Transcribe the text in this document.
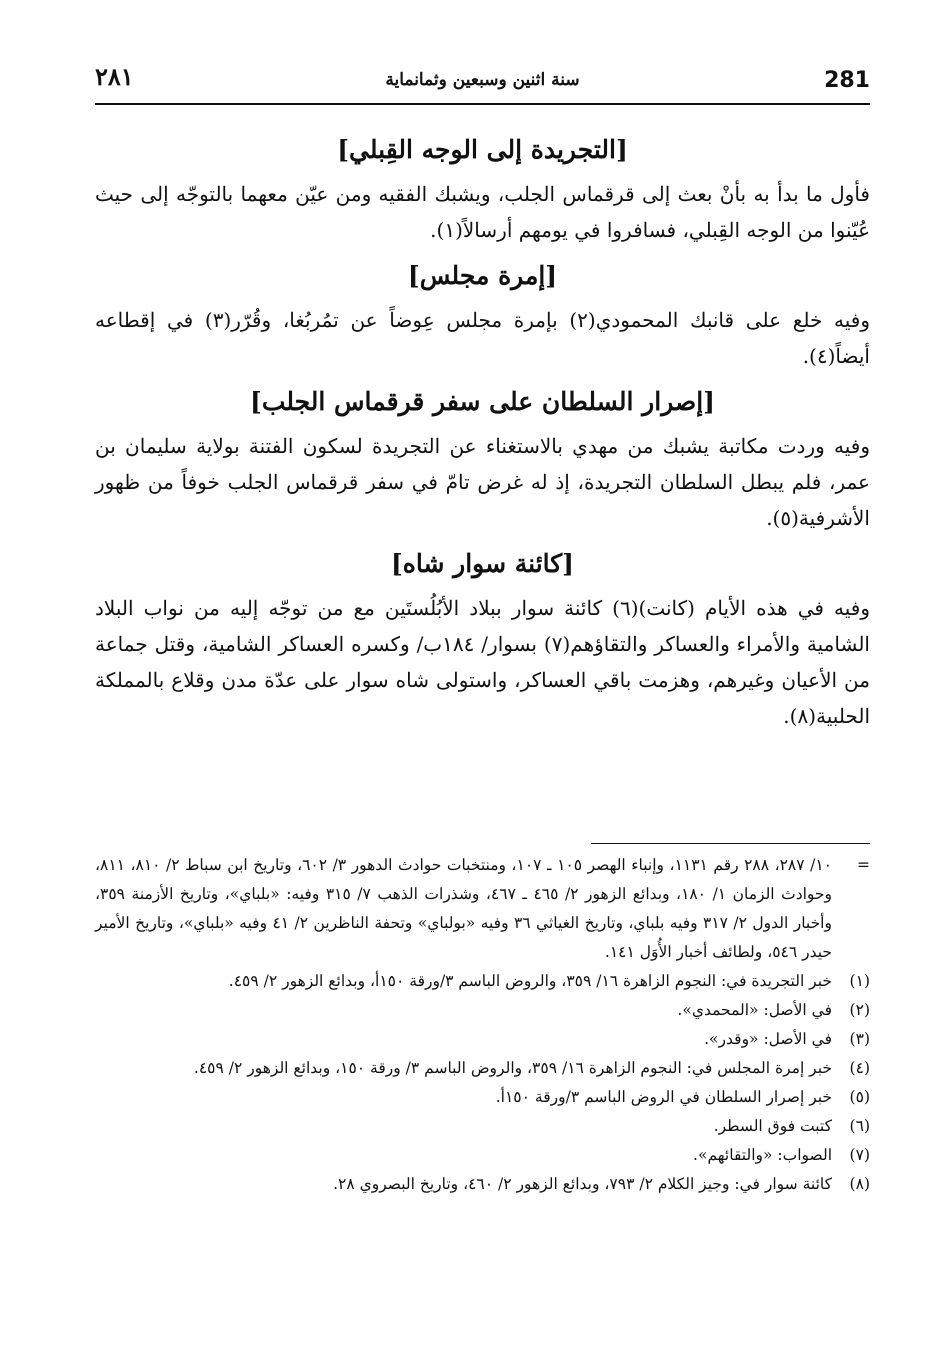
٢٨١	سنة اثنين وسبعين وثمانماية	281
[التجريدة إلى الوجه القِبلي]

فأول ما بدأ به بأنْ بعث إلى قرقماس الجلب، ويشبك الفقيه ومن عيّن معهما بالتوجّه إلى حيث عُيّنوا من الوجه القِبلي، فسافروا في يومهم أرسالاً(١).

[إمرة مجلس]

وفيه خلع على قانبك المحمودي(٢) بإمرة مجلس عِوضاً عن تمُربُغا، وقُرّر(٣) في إقطاعه أيضاً(٤).

[إصرار السلطان على سفر قرقماس الجلب]

وفيه وردت مكاتبة يشبك من مهدي بالاستغناء عن التجريدة لسكون الفتنة بولاية سليمان بن عمر، فلم يبطل السلطان التجريدة، إذ له غرض تامّ في سفر قرقماس الجلب خوفاً من ظهور الأشرفية(٥).

[كائنة سوار شاه]

وفيه في هذه الأيام (كانت)(٦) كائنة سوار ببلاد الأبُلُستَين مع من توجّه إليه من نواب البلاد الشامية والأمراء والعساكر والتقاؤهم(٧) بسوار/ ١٨٤ب/ وكسره العساكر الشامية، وقتل جماعة من الأعيان وغيرهم، وهزمت باقي العساكر، واستولى شاه سوار على عدّة مدن وقلاع بالمملكة الحلبية(٨).

=
١٠/ ٢٨٧، ٢٨٨ رقم ١١٣١، وإنباء الهصر ١٠٥ ـ ١٠٧، ومنتخبات حوادث الدهور ٣/ ٦٠٢، وتاريخ ابن سباط ٢/ ٨١٠، ٨١١، وحوادث الزمان ١/ ١٨٠، وبدائع الزهور ٢/ ٤٦٥ ـ ٤٦٧، وشذرات الذهب ٧/ ٣١٥ وفيه: «بلباي»، وتاريخ الأزمنة ٣٥٩، وأخبار الدول ٢/ ٣١٧ وفيه بلباي، وتاريخ الغياثي ٣٦ وفيه «بولباي» وتحفة الناظرين ٢/ ٤١ وفيه «بلباي»، وتاريخ الأمير حيدر ٥٤٦، ولطائف أخبار الأُوَل ١٤١.
(١)
خبر التجريدة في: النجوم الزاهرة ١٦/ ٣٥٩، والروض الباسم ٣/ورقة ١٥٠أ، وبدائع الزهور ٢/ ٤٥٩.
(٢)
في الأصل: «المحمدي».
(٣)
في الأصل: «وقدر».
(٤)
خبر إمرة المجلس في: النجوم الزاهرة ١٦/ ٣٥٩، والروض الباسم ٣/ ورقة ١٥٠، وبدائع الزهور ٢/ ٤٥٩.
(٥)
خبر إصرار السلطان في الروض الباسم ٣/ورقة ١٥٠أ.
(٦)
كتبت فوق السطر.
(٧)
الصواب: «والتقائهم».
(٨)
كائنة سوار في: وجيز الكلام ٢/ ٧٩٣، وبدائع الزهور ٢/ ٤٦٠، وتاريخ البصروي ٢٨.
